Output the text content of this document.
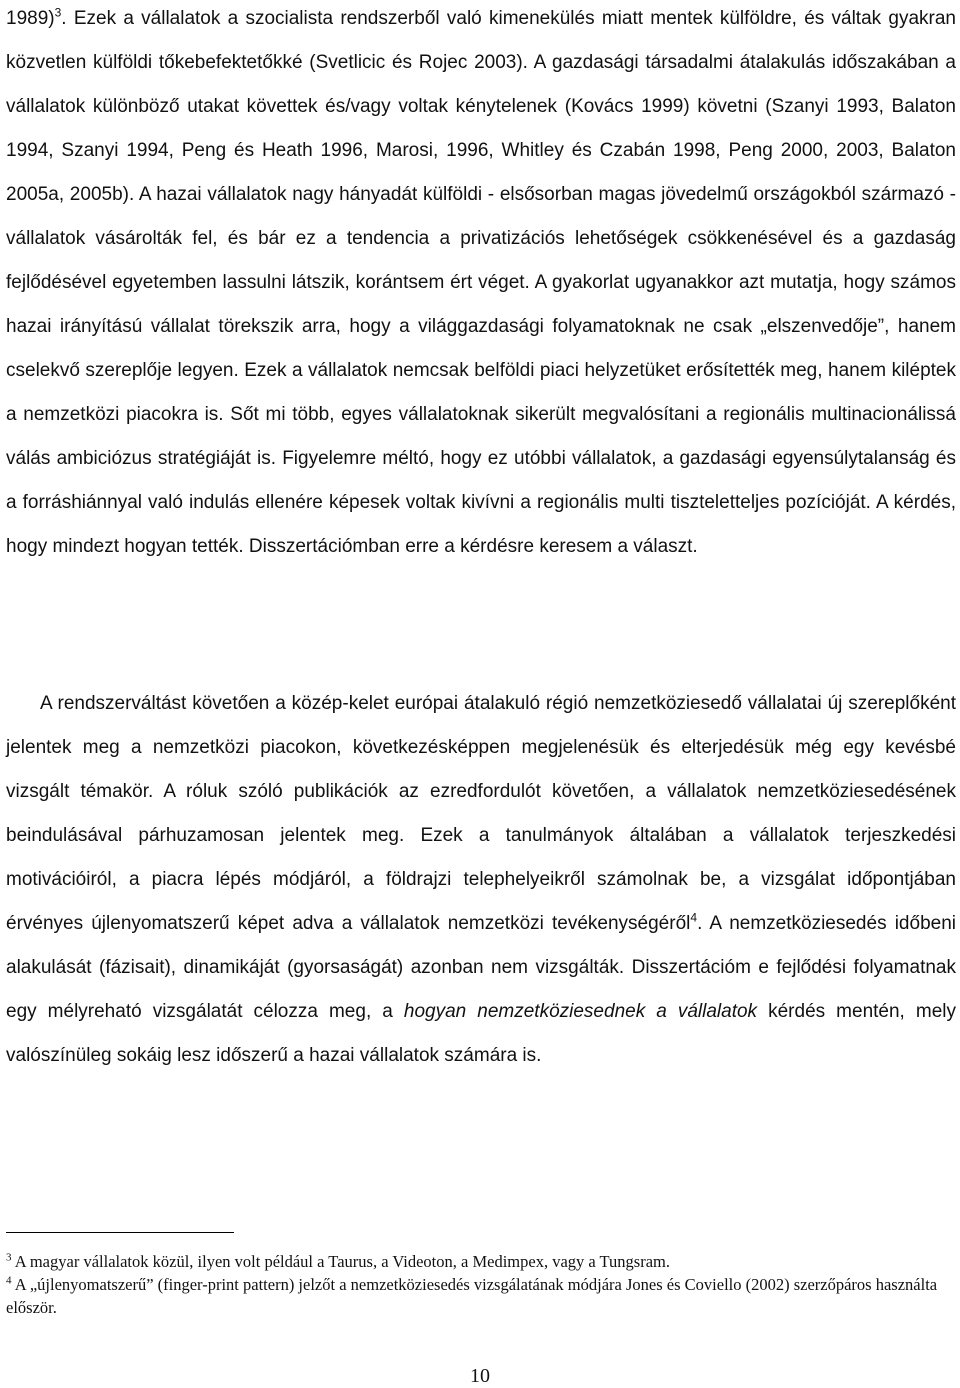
1989)$^3$. Ezek a vállalatok a szocialista rendszerből való kimenekülés miatt mentek külföldre, és váltak gyakran közvetlen külföldi tőkebefektetőkké (Svetlicic és Rojec 2003). A gazdasági társadalmi átalakulás időszakában a vállalatok különböző utakat követtek és/vagy voltak kénytelenek (Kovács 1999) követni (Szanyi 1993, Balaton 1994, Szanyi 1994, Peng és Heath 1996, Marosi, 1996, Whitley és Czabán 1998, Peng 2000, 2003, Balaton 2005a, 2005b). A hazai vállalatok nagy hányadát külföldi - elsősorban magas jövedelmű országokból származó - vállalatok vásárolták fel, és bár ez a tendencia a privatizációs lehetőségek csökkenésével és a gazdaság fejlődésével egyetemben lassulni látszik, korántsem ért véget. A gyakorlat ugyanakkor azt mutatja, hogy számos hazai irányítású vállalat törekszik arra, hogy a világgazdasági folyamatoknak ne csak „elszenvedője”, hanem cselekvő szereplője legyen. Ezek a vállalatok nemcsak belföldi piaci helyzetüket erősítették meg, hanem kiléptek a nemzetközi piacokra is. Sőt mi több, egyes vállalatoknak sikerült megvalósítani a regionális multinacionálissá válás ambiciózus stratégiáját is. Figyelemre méltó, hogy ez utóbbi vállalatok, a gazdasági egyensúlytalanság és a forráshiánnyal való indulás ellenére képesek voltak kivívni a regionális multi tiszteletteljes pozícióját. A kérdés, hogy mindezt hogyan tették. Disszertációmban erre a kérdésre keresem a választ.

A rendszerváltást követően a közép-kelet európai átalakuló régió nemzetköziesedő vállalatai új szereplőként jelentek meg a nemzetközi piacokon, következésképpen megjelenésük és elterjedésük még egy kevésbé vizsgált témakör. A róluk szóló publikációk az ezredfordulót követően, a vállalatok nemzetköziesedésének beindulásával párhuzamosan jelentek meg. Ezek a tanulmányok általában a vállalatok terjeszkedési motivációiról, a piacra lépés módjáról, a földrajzi telephelyeikről számolnak be, a vizsgálat időpontjában érvényes újlenyomatszerű képet adva a vállalatok nemzetközi tevékenységéről$^4$. A nemzetköziesedés időbeni alakulását (fázisait), dinamikáját (gyorsaságát) azonban nem vizsgálták. Disszertációm e fejlődési folyamatnak egy mélyreható vizsgálatát célozza meg, a hogyan nemzetköziesednek a vállalatok kérdés mentén, mely valószínüleg sokáig lesz időszerű a hazai vállalatok számára is.

$^3$ A magyar vállalatok közül, ilyen volt például a Taurus, a Videoton, a Medimpex, vagy a Tungsram.

$^4$ A „újlenyomatszerű” (finger-print pattern) jelzőt a nemzetköziesedés vizsgálatának módjára Jones és Coviello (2002) szerzőpáros használta először.

10
